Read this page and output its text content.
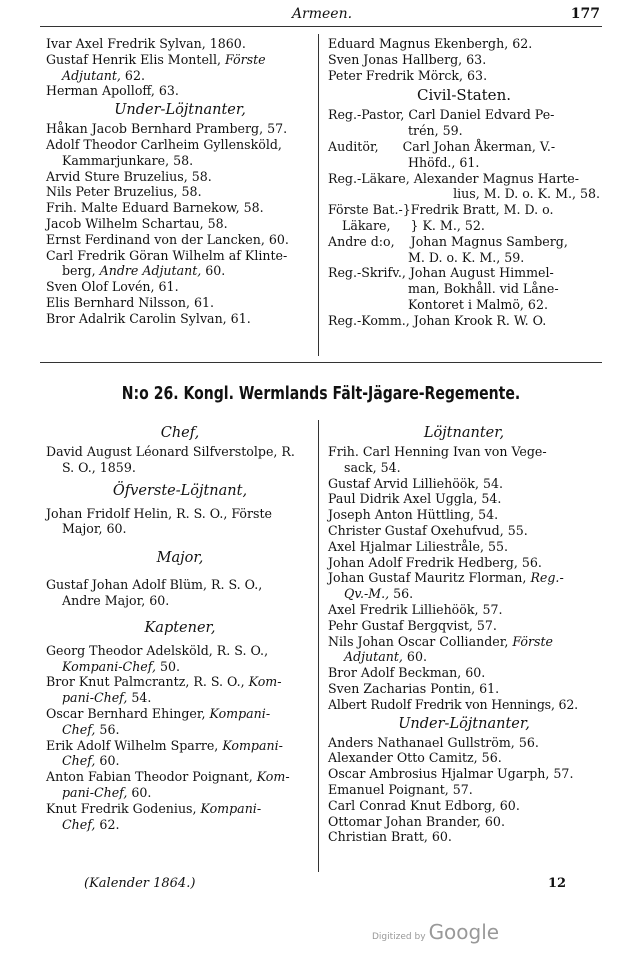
Armeen.	177
Ivar Axel Fredrik Sylvan, 1860.
Gustaf Henrik Elis Montell, Förste
Adjutant, 62.
Herman Apolloff, 63.
Under-Löjtnanter,
Håkan Jacob Bernhard Pramberg, 57.
Adolf Theodor Carlheim Gyllensköld,
Kammarjunkare, 58.
Arvid Sture Bruzelius, 58.
Nils Peter Bruzelius, 58.
Frih. Malte Eduard Barnekow, 58.
Jacob Wilhelm Schartau, 58.
Ernst Ferdinand von der Lancken, 60.
Carl Fredrik Göran Wilhelm af Klinte-
berg, Andre Adjutant, 60.
Sven Olof Lovén, 61.
Elis Bernhard Nilsson, 61.
Bror Adalrik Carolin Sylvan, 61.
Eduard Magnus Ekenbergh, 62.
Sven Jonas Hallberg, 63.
Peter Fredrik Mörck, 63.
Civil-Staten.
Reg.-Pastor, Carl Daniel Edvard Pe-
trén, 59.
Auditör,      Carl Johan Åkerman, V.-
Hhöfd., 61.
Reg.-Läkare, Alexander Magnus Harte-
lius, M. D. o. K. M., 58.
Förste Bat.-}Fredrik Bratt, M. D. o.
Läkare,     } K. M., 52.
Andre d:o,    Johan Magnus Samberg,
M. D. o. K. M., 59.
Reg.-Skrifv., Johan August Himmel-
man, Bokhåll. vid Låne-
Kontoret i Malmö, 62.
Reg.-Komm., Johan Krook R. W. O.
N:o 26. Kongl. Wermlands Fält-Jägare-Regemente.
Chef,
David August Léonard Silfverstolpe, R.
S. O., 1859.
Öfverste-Löjtnant,
Johan Fridolf Helin, R. S. O., Förste
Major, 60.
Major,
Gustaf Johan Adolf Blüm, R. S. O.,
Andre Major, 60.
Kaptener,
Georg Theodor Adelsköld, R. S. O.,
Kompani-Chef, 50.
Bror Knut Palmcrantz, R. S. O., Kom-
pani-Chef, 54.
Oscar Bernhard Ehinger, Kompani-
Chef, 56.
Erik Adolf Wilhelm Sparre, Kompani-
Chef, 60.
Anton Fabian Theodor Poignant, Kom-
pani-Chef, 60.
Knut Fredrik Godenius, Kompani-
Chef, 62.
Löjtnanter,
Frih. Carl Henning Ivan von Vege-
sack, 54.
Gustaf Arvid Lilliehöök, 54.
Paul Didrik Axel Uggla, 54.
Joseph Anton Hüttling, 54.
Christer Gustaf Oxehufvud, 55.
Axel Hjalmar Liliestråle, 55.
Johan Adolf Fredrik Hedberg, 56.
Johan Gustaf Mauritz Florman, Reg.-
Qv.-M., 56.
Axel Fredrik Lilliehöök, 57.
Pehr Gustaf Bergqvist, 57.
Nils Johan Oscar Colliander, Förste
Adjutant, 60.
Bror Adolf Beckman, 60.
Sven Zacharias Pontin, 61.
Albert Rudolf Fredrik von Hennings, 62.
Under-Löjtnanter,
Anders Nathanael Gullström, 56.
Alexander Otto Camitz, 56.
Oscar Ambrosius Hjalmar Ugarph, 57.
Emanuel Poignant, 57.
Carl Conrad Knut Edborg, 60.
Ottomar Johan Brander, 60.
Christian Bratt, 60.
(Kalender 1864.)	12
Digitized by Google
